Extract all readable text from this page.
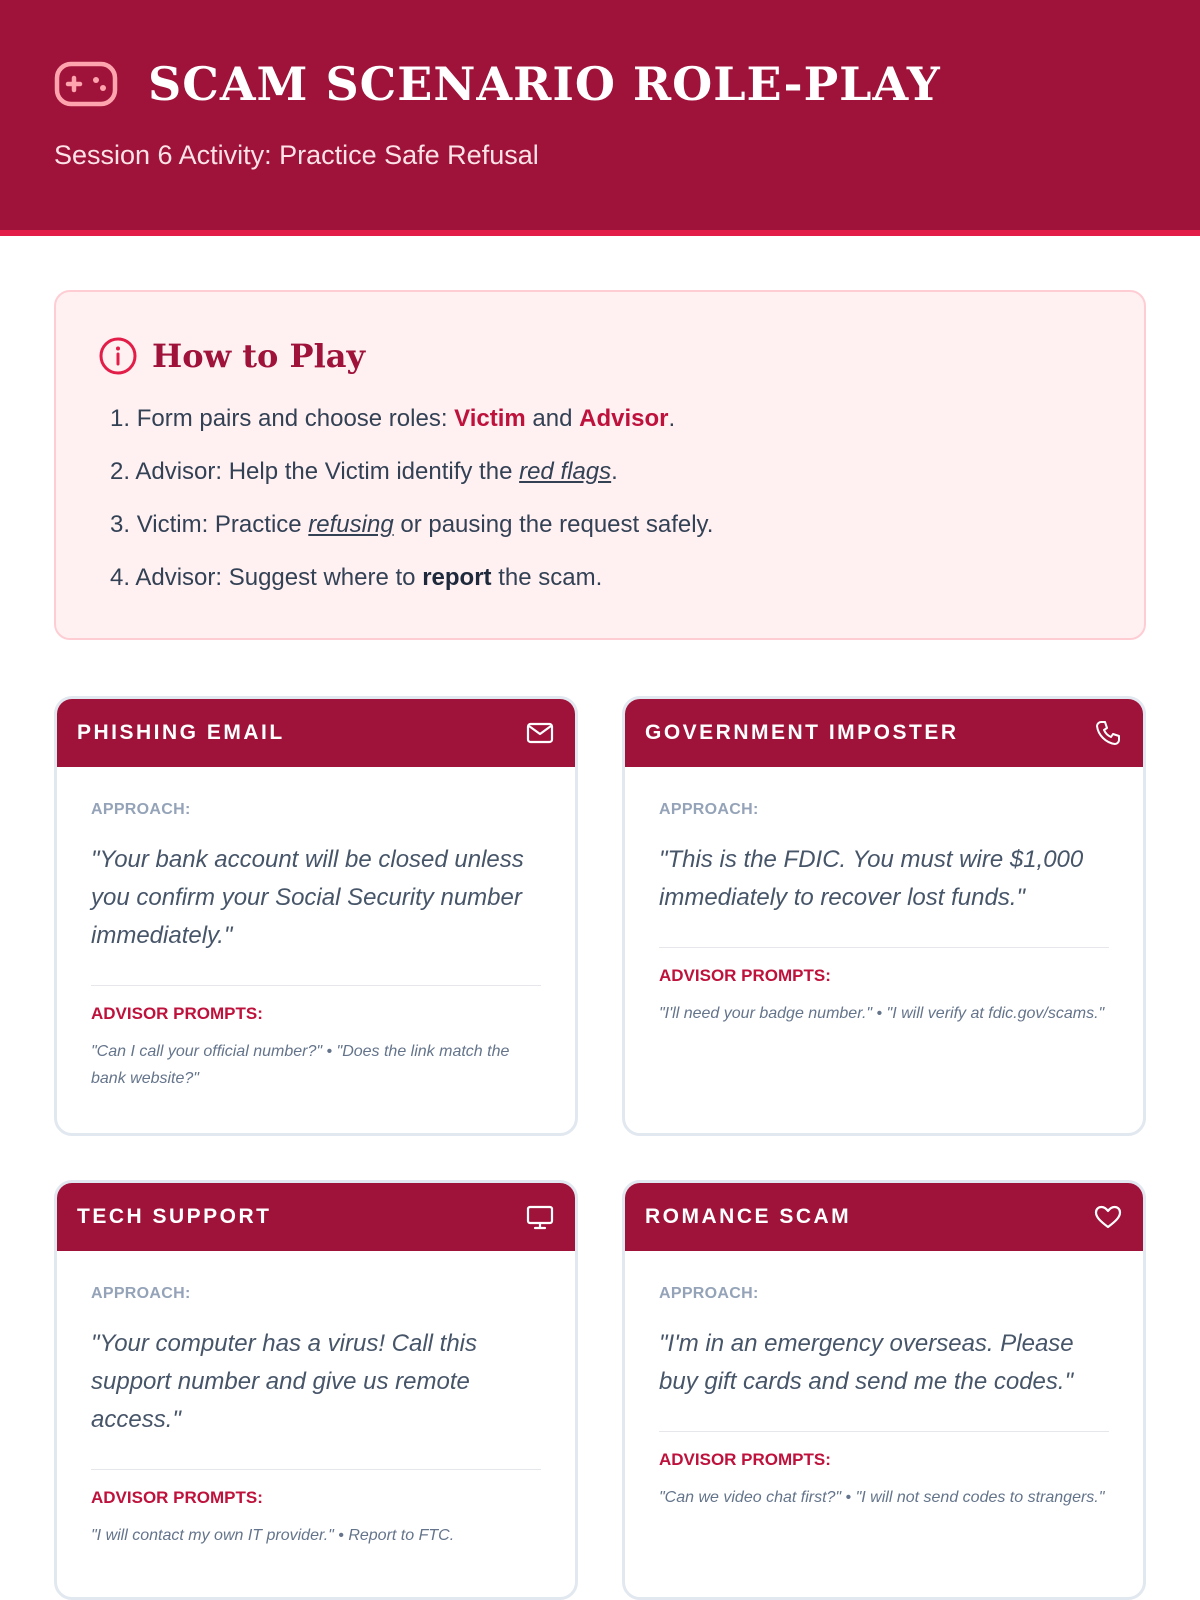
SCAM SCENARIO ROLE-PLAY
Session 6 Activity: Practice Safe Refusal
How to Play
1. Form pairs and choose roles: Victim and Advisor.
2. Advisor: Help the Victim identify the red flags.
3. Victim: Practice refusing or pausing the request safely.
4. Advisor: Suggest where to report the scam.
PHISHING EMAIL
APPROACH:
"Your bank account will be closed unless you confirm your Social Security number immediately."
ADVISOR PROMPTS:
"Can I call your official number?" • "Does the link match the bank website?"
GOVERNMENT IMPOSTER
APPROACH:
"This is the FDIC. You must wire $1,000 immediately to recover lost funds."
ADVISOR PROMPTS:
"I'll need your badge number." • "I will verify at fdic.gov/scams."
TECH SUPPORT
APPROACH:
"Your computer has a virus! Call this support number and give us remote access."
ADVISOR PROMPTS:
"I will contact my own IT provider." • Report to FTC.
ROMANCE SCAM
APPROACH:
"I'm in an emergency overseas. Please buy gift cards and send me the codes."
ADVISOR PROMPTS:
"Can we video chat first?" • "I will not send codes to strangers."
